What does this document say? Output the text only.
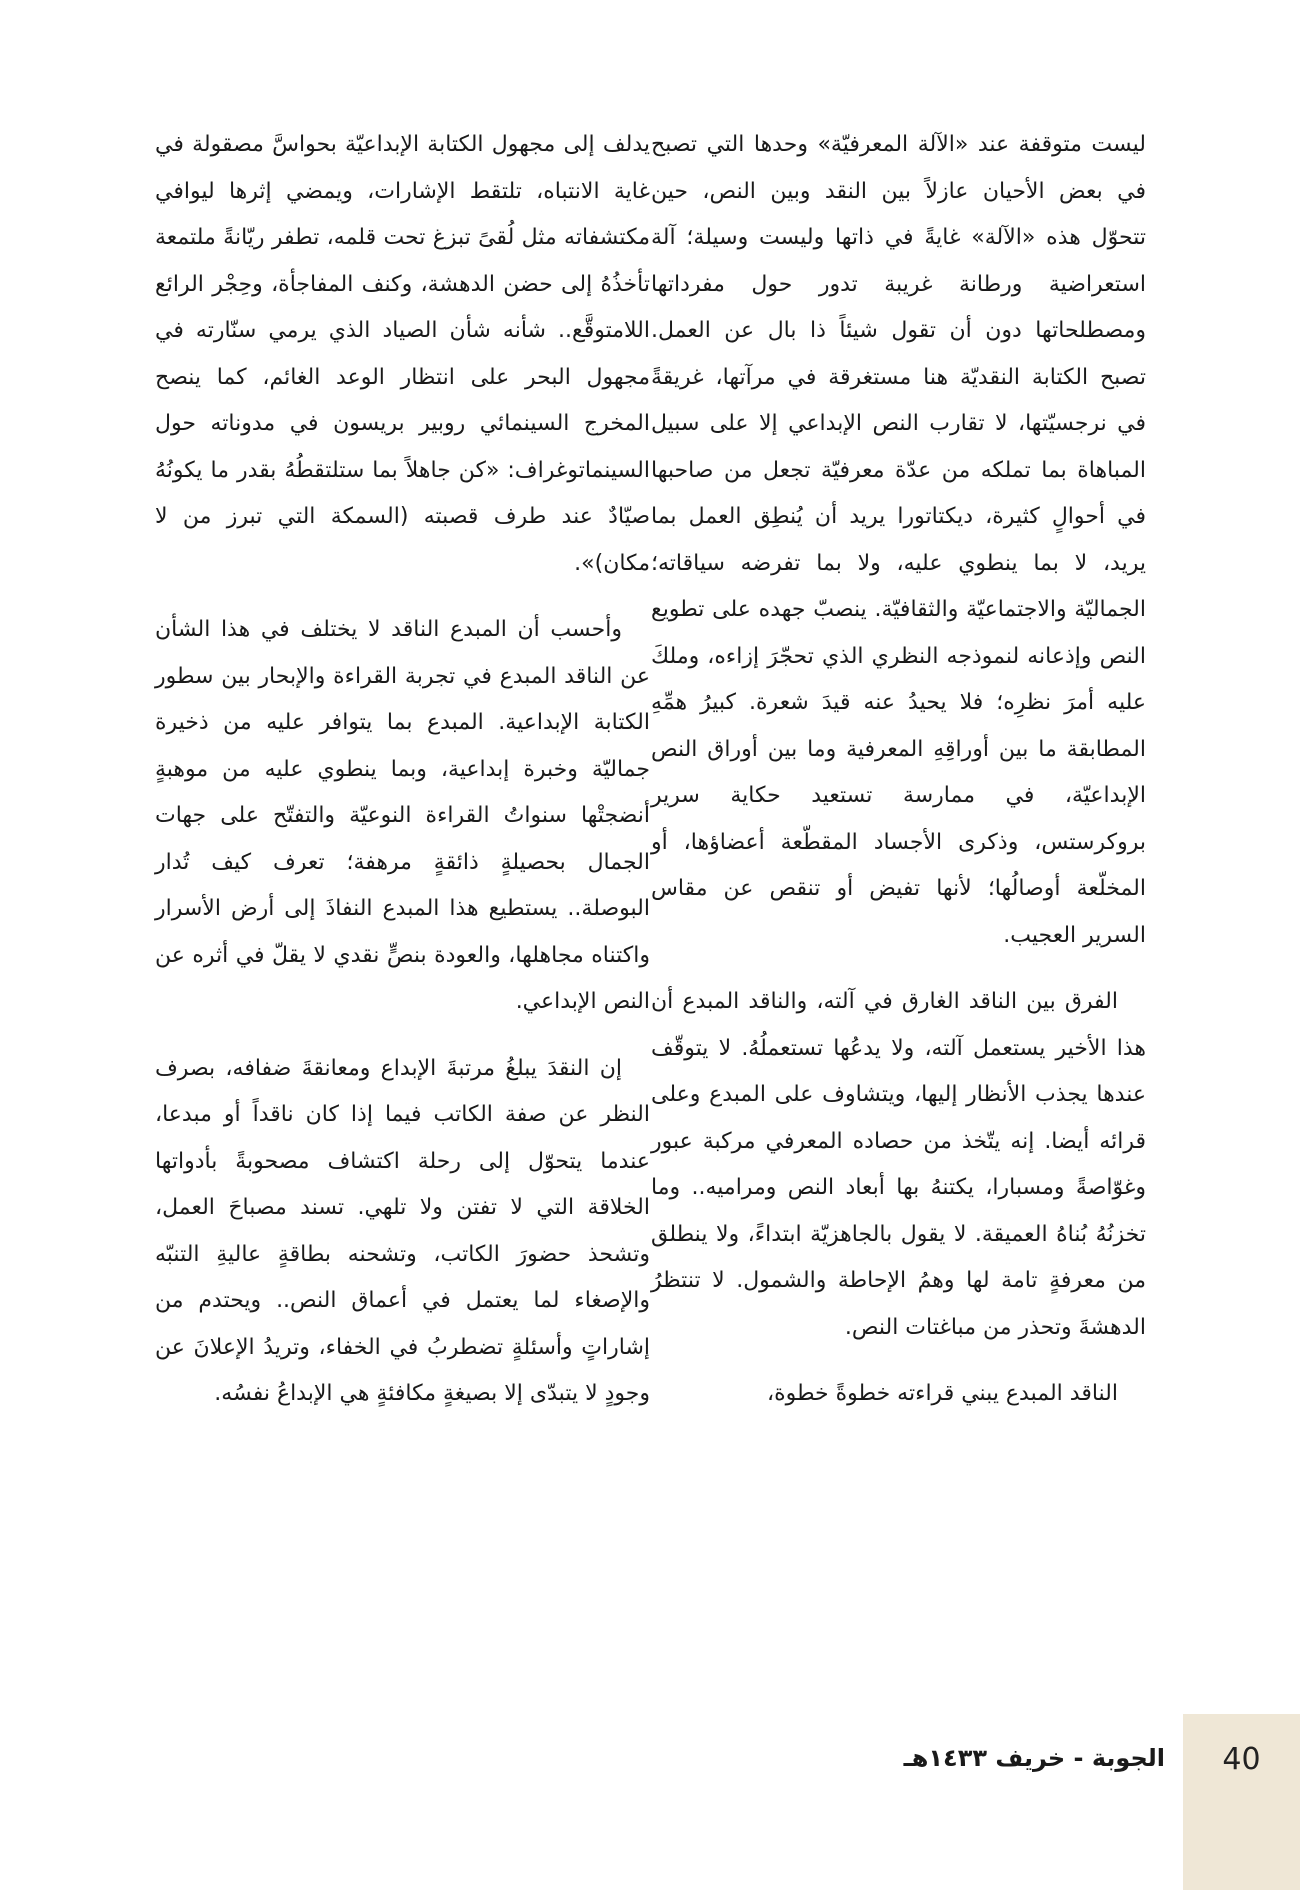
ليست متوقفة عند «الآلة المعرفيّة» وحدها التي تصبح في بعض الأحيان عازلاً بين النقد وبين النص، حين تتحوّل هذه «الآلة» غايةً في ذاتها وليست وسيلة؛ آلة استعراضية ورطانة غريبة تدور حول مفرداتها ومصطلحاتها دون أن تقول شيئاً ذا بال عن العمل. تصبح الكتابة النقديّة هنا مستغرقة في مرآتها، غريقةً في نرجسيّتها، لا تقارب النص الإبداعي إلا على سبيل المباهاة بما تملكه من عدّة معرفيّة تجعل من صاحبها في أحوالٍ كثيرة، ديكتاتورا يريد أن يُنطِق العمل بما يريد، لا بما ينطوي عليه، ولا بما تفرضه سياقاته؛ الجماليّة والاجتماعيّة والثقافيّة. ينصبّ جهده على تطويع النص وإذعانه لنموذجه النظري الذي تحجّرَ إزاءه، وملكَ عليه أمرَ نظرِه؛ فلا يحيدُ عنه قيدَ شعرة. كبيرُ همِّهِ المطابقة ما بين أوراقِهِ المعرفية وما بين أوراق النص الإبداعيّة، في ممارسة تستعيد حكاية سرير بروكرستس، وذكرى الأجساد المقطّعة أعضاؤها، أو المخلّعة أوصالُها؛ لأنها تفيض أو تنقص عن مقاس السرير العجيب.

الفرق بين الناقد الغارق في آلته، والناقد المبدع أن هذا الأخير يستعمل آلته، ولا يدعُها تستعملُهُ. لا يتوقّف عندها يجذب الأنظار إليها، ويتشاوف على المبدع وعلى قرائه أيضا. إنه يتّخذ من حصاده المعرفي مركبة عبور وغوّاصةً ومسبارا، يكتنهُ بها أبعاد النص ومراميه.. وما تخزنُهُ بُناهُ العميقة. لا يقول بالجاهزيّة ابتداءً، ولا ينطلق من معرفةٍ تامة لها وهمُ الإحاطة والشمول. لا تنتظرُ الدهشةَ وتحذر من مباغتات النص.

الناقد المبدع يبني قراءته خطوةً خطوة،

يدلف إلى مجهول الكتابة الإبداعيّة بحواسَّ مصقولة في غاية الانتباه، تلتقط الإشارات، ويمضي إثرها ليوافي مكتشفاته مثل لُقىً تبزغ تحت قلمه، تطفر ريّانةً ملتمعة تأخذُهُ إلى حضن الدهشة، وكنف المفاجأة، وحِجْر الرائع اللامتوقَّع.. شأنه شأن الصياد الذي يرمي سنّارته في مجهول البحر على انتظار الوعد الغائم، كما ينصح المخرج السينمائي روبير بريسون في مدوناته حول السينماتوغراف: «كن جاهلاً بما ستلتقطُهُ بقدر ما يكونُهُ صيّادٌ عند طرف قصبته (السمكة التي تبرز من لا مكان)».

وأحسب أن المبدع الناقد لا يختلف في هذا الشأن عن الناقد المبدع في تجربة القراءة والإبحار بين سطور الكتابة الإبداعية. المبدع بما يتوافر عليه من ذخيرة جماليّة وخبرة إبداعية، وبما ينطوي عليه من موهبةٍ أنضجتْها سنواتُ القراءة النوعيّة والتفتّح على جهات الجمال بحصيلةٍ ذائقةٍ مرهفة؛ تعرف كيف تُدار البوصلة.. يستطيع هذا المبدع النفاذَ إلى أرض الأسرار واكتناه مجاهلها، والعودة بنصٍّ نقدي لا يقلّ في أثره عن النص الإبداعي.

إن النقدَ يبلغُ مرتبةَ الإبداع ومعانقةَ ضفافه، بصرف النظر عن صفة الكاتب فيما إذا كان ناقداً أو مبدعا، عندما يتحوّل إلى رحلة اكتشاف مصحوبةً بأدواتها الخلاقة التي لا تفتن ولا تلهي. تسند مصباحَ العمل، وتشحذ حضورَ الكاتب، وتشحنه بطاقةٍ عاليةِ التنبّه والإصغاء لما يعتمل في أعماق النص.. ويحتدم من إشاراتٍ وأسئلةٍ تضطربُ في الخفاء، وتريدُ الإعلانَ عن وجودٍ لا يتبدّى إلا بصيغةٍ مكافئةٍ هي الإبداعُ نفسُه.

40
الجوبة - خريف ١٤٣٣هـ
